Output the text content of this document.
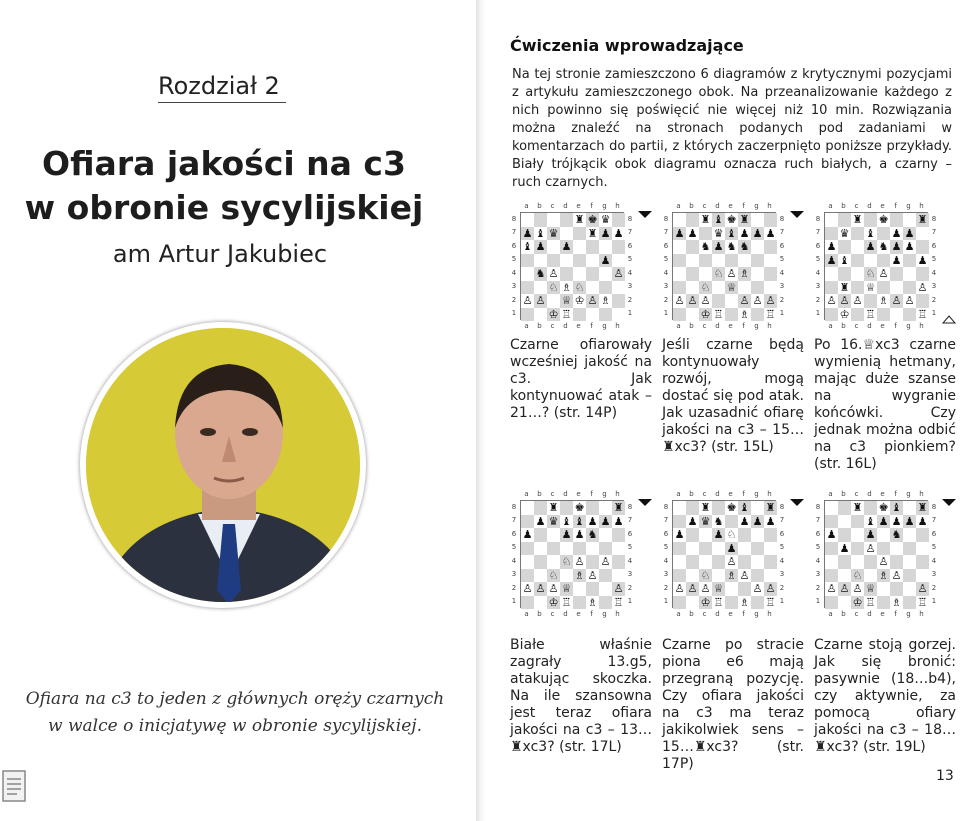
Rozdział 2
Ofiara jakości na c3
w obronie sycylijskiej
am Artur Jakubiec
Ofiara na c3 to jeden z głównych oręży czarnych
w walce o inicjatywę w obronie sycylijskiej.
Ćwiczenia wprowadzające
Na tej stronie zamieszczono 6 diagramów z krytycznymi pozycjami z artykułu zamieszczonego obok. Na przeanalizowanie każdego z nich powinno się poświęcić nie więcej niż 10 min. Rozwiązania można znaleźć na stronach podanych pod zadaniami w komentarzach do partii, z których zaczerpnięto poniższe przykłady. Biały trójkącik obok diagramu oznacza ruch białych, a czarny – ruch czarnych.
a	b	c	d	e	f	g	h
a	b	c	d	e	f	g	h
8
7
6
5
4
3
2
1
8
7
6
5
4
3
2
1
♜ ♚ ♛
♟ ♝ ♛	♜ ♟ ♟
♝ ♟ ♟
♟
♞ ♙	♙
♘ ♗ ♘
♙ ♙ ♕ ♔ ♙ ♗
♔ ♖
Czarne ofiarowały wcześniej jakość na c3. Jak kontynuować atak – 21…? (str. 14P)
a	b	c	d	e	f	g	h
a	b	c	d	e	f	g	h
8
7
6
5
4
3
2
1
8
7
6
5
4
3
2
1
♜ ♝ ♚ ♜
♟ ♟ ♛ ♝ ♟ ♟ ♟
♞ ♟ ♞ ♞
♘ ♙ ♗
♘ ♕
♙ ♙ ♙	♙ ♙ ♙
♔ ♖ ♗ ♖
Jeśli czarne będą kontynuowały rozwój, mogą dostać się pod atak. Jak uzasadnić ofiarę jakości na c3 – 15…♜xc3? (str. 15L)
a	b	c	d	e	f	g	h
a	b	c	d	e	f	g	h
8
7
6
5
4
3
2
1
8
7
6
5
4
3
2
1
♜ ♚	♜
♛ ♝ ♟ ♟
♟	♟ ♞ ♟ ♟
♟ ♝	♟ ♟
♘ ♙
♜ ♕	♙
♙ ♙ ♙ ♗ ♙ ♙
♔ ♖	♖
Po 16.♕xc3 czarne wymienią hetmany, mając duże szanse na wygranie końcówki. Czy jednak można odbić na c3 pionkiem? (str. 16L)
a	b	c	d	e	f	g	h
a	b	c	d	e	f	g	h
8
7
6
5
4
3
2
1
8
7
6
5
4
3
2
1
♜ ♚	♜
♟ ♛ ♝ ♝ ♟ ♟ ♟
♟	♟ ♟ ♞
♘ ♙ ♙
♘ ♗ ♙
♙ ♙ ♙ ♕	♙
♔ ♖ ♗ ♖
Białe właśnie zagrały 13.g5, atakując skoczka. Na ile szansowna jest teraz ofiara jakości na c3 – 13…♜xc3? (str. 17L)
a	b	c	d	e	f	g	h
a	b	c	d	e	f	g	h
8
7
6
5
4
3
2
1
8
7
6
5
4
3
2
1
♜ ♚ ♝ ♜
♟ ♛ ♞ ♟ ♟ ♟
♟	♟ ♘
♟
♙
♘ ♗ ♙
♙ ♙ ♙ ♕	♙ ♙
♔ ♖ ♗ ♖
Czarne po stracie piona e6 mają przegraną pozycję. Czy ofiara jakości na c3 ma teraz jakikolwiek sens – 15…♜xc3? (str. 17P)
a	b	c	d	e	f	g	h
a	b	c	d	e	f	g	h
8
7
6
5
4
3
2
1
8
7
6
5
4
3
2
1
♜ ♚ ♝ ♜
♝ ♟ ♟ ♟ ♟
♟	♟ ♞
♟ ♙
♙
♘ ♗ ♙
♙ ♙ ♙ ♕	♙
♔ ♖ ♗ ♖
Czarne stoją gorzej. Jak się bronić: pasywnie (18…b4), czy aktywnie, za pomocą ofiary jakości na c3 – 18…♜xc3? (str. 19L)
13
